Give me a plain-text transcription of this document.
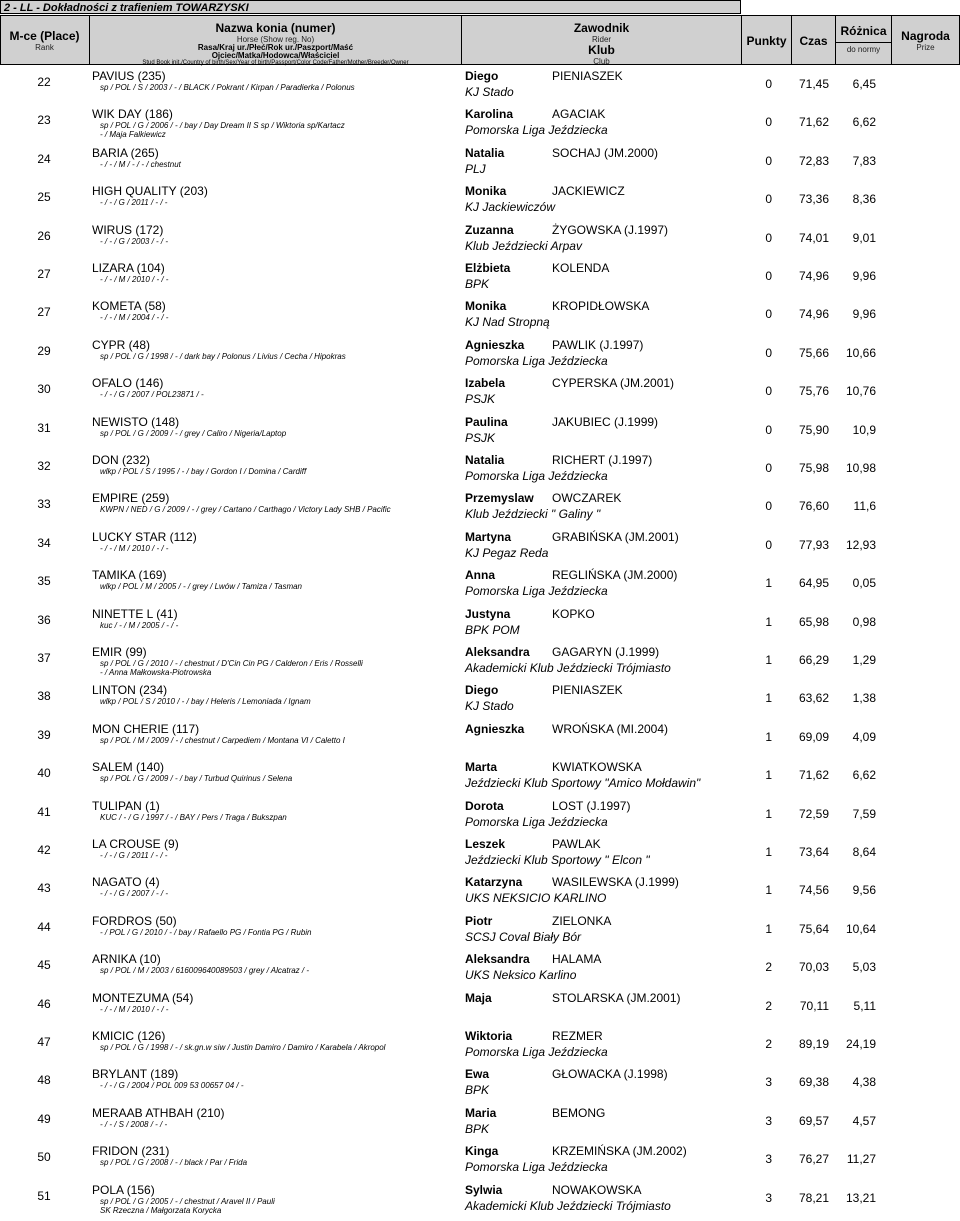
2 - LL - Dokładności z trafieniem TOWARZYSKI
M-ce (Place)
Rank
Nazwa konia (numer)
Horse (Show reg. No)
Rasa/Kraj ur./Płeć/Rok ur./Paszport/Maść
Ojciec/Matka/Hodowca/Właściciel
Stud Book init./Country of birth/Sex/Year of birth/Passport/Color Code/Father/Mother/Breeder/Owner
Zawodnik
Rider
Klub
Club
Punkty	Czas
Różnica
do normy
Nagroda
Prize
22	PAVIUS (235)
sp / POL / S / 2003 / - / BLACK / Pokrant / Kirpan / Paradierka / Polonus
Diego	PIENIASZEK
KJ Stado
0	71,45	6,45
23	WIK DAY (186)
sp / POL / G / 2006 / - / bay / Day Dream II S sp / Wiktoria sp/Kartacz
- / Maja Falkiewicz
Karolina	AGACIAK
Pomorska Liga Jeździecka
0	71,62	6,62
24	BARIA (265)
- / - / M / - / - / chestnut
Natalia	SOCHAJ (JM.2000)
PLJ
0	72,83	7,83
25	HIGH QUALITY (203)
- / - / G / 2011 / - / -
Monika	JACKIEWICZ
KJ Jackiewiczów
0	73,36	8,36
26	WIRUS (172)
- / - / G / 2003 / - / -
Zuzanna	ŻYGOWSKA (J.1997)
Klub Jeździecki Arpav
0	74,01	9,01
27	LIZARA (104)
- / - / M / 2010 / - / -
Elżbieta	KOLENDA
BPK
0	74,96	9,96
27	KOMETA (58)
- / - / M / 2004 / - / -
Monika	KROPIDŁOWSKA
KJ Nad Stropną
0	74,96	9,96
29	CYPR (48)
sp / POL / G / 1998 / - / dark bay / Polonus / Livius / Cecha / Hipokras
Agnieszka PAWLIK (J.1997)
Pomorska Liga Jeździecka
0	75,66	10,66
30	OFALO (146)
- / - / G / 2007 / POL23871 / -
Izabela	CYPERSKA (JM.2001)
PSJK
0	75,76	10,76
31	NEWISTO (148)
sp / POL / G / 2009 / - / grey / Caliro / Nigeria/Laptop
Paulina	JAKUBIEC (J.1999)
PSJK
0	75,90	10,9
32	DON (232)
wlkp / POL / S / 1995 / - / bay / Gordon I / Domina / Cardiff
Natalia	RICHERT (J.1997)
Pomorska Liga Jeździecka
0	75,98	10,98
33	EMPIRE (259)
KWPN / NED / G / 2009 / - / grey / Cartano / Carthago / Victory Lady SHB / Pacific
Przemyslaw OWCZAREK
Klub Jeździecki " Galiny "
0	76,60	11,6
34	LUCKY STAR (112)
- / - / M / 2010 / - / -
Martyna	GRABIŃSKA (JM.2001)
KJ Pegaz Reda
0	77,93	12,93
35	TAMIKA (169)
wlkp / POL / M / 2005 / - / grey / Lwów / Tamiza / Tasman
Anna	REGLIŃSKA (JM.2000)
Pomorska Liga Jeździecka
1	64,95	0,05
36	NINETTE L (41)
kuc / - / M / 2005 / - / -
Justyna	KOPKO
BPK POM
1	65,98	0,98
37	EMIR (99)
sp / POL / G / 2010 / - / chestnut / D'Cin Cin PG / Calderon / Eris / Rosselli
- / Anna Małkowska-Piotrowska
Aleksandra GAGARYN (J.1999)
Akademicki Klub Jeździecki Trójmiasto
1	66,29	1,29
38	LINTON (234)
wlkp / POL / S / 2010 / - / bay / Heleris / Lemoniada / Ignam
Diego	PIENIASZEK
KJ Stado
1	63,62	1,38
39	MON CHERIE (117)
sp / POL / M / 2009 / - / chestnut / Carpediem / Montana VI / Caletto I
Agnieszka WROŃSKA (MI.2004)
1	69,09	4,09
40	SALEM (140)
sp / POL / G / 2009 / - / bay / Turbud Quirinus / Selena
Marta	KWIATKOWSKA
Jeździecki Klub Sportowy "Amico Mołdawin"
1	71,62	6,62
41	TULIPAN (1)
KUC / - / G / 1997 / - / BAY / Pers / Traga / Bukszpan
Dorota	LOST (J.1997)
Pomorska Liga Jeździecka
1	72,59	7,59
42	LA CROUSE (9)
- / - / G / 2011 / - / -
Leszek	PAWLAK
Jeździecki Klub Sportowy " Elcon "
1	73,64	8,64
43	NAGATO (4)
- / - / G / 2007 / - / -
Katarzyna WASILEWSKA (J.1999)
UKS NEKSICIO KARLINO
1	74,56	9,56
44	FORDROS (50)
- / POL / G / 2010 / - / bay / Rafaello PG / Fontia PG / Rubin
Piotr	ZIELONKA
SCSJ Coval Biały Bór
1	75,64	10,64
45	ARNIKA (10)
sp / POL / M / 2003 / 616009640089503 / grey / Alcatraz / -
Aleksandra HALAMA
UKS Neksico Karlino
2	70,03	5,03
46	MONTEZUMA (54)
- / - / M / 2010 / - / -
Maja	STOLARSKA (JM.2001)
2	70,11	5,11
47	KMICIC (126)
sp / POL / G / 1998 / - / sk.gn.w siw / Justin Damiro / Damiro / Karabela / Akropol
Wiktoria	REZMER
Pomorska Liga Jeździecka
2	89,19	24,19
48	BRYLANT (189)
- / - / G / 2004 / POL 009 53 00657 04 / -
Ewa	GŁOWACKA (J.1998)
BPK
3	69,38	4,38
49	MERAAB ATHBAH (210)
- / - / S / 2008 / - / -
Maria	BEMONG
BPK
3	69,57	4,57
50	FRIDON (231)
sp / POL / G / 2008 / - / black / Par / Frida
Kinga	KRZEMIŃSKA (JM.2002)
Pomorska Liga Jeździecka
3	76,27	11,27
51	POLA (156)
sp / POL / G / 2005 / - / chestnut / Aravel II / Pauli
SK Rzeczna / Małgorzata Korycka
Sylwia	NOWAKOWSKA
Akademicki Klub Jeździecki Trójmiasto
3	78,21	13,21
